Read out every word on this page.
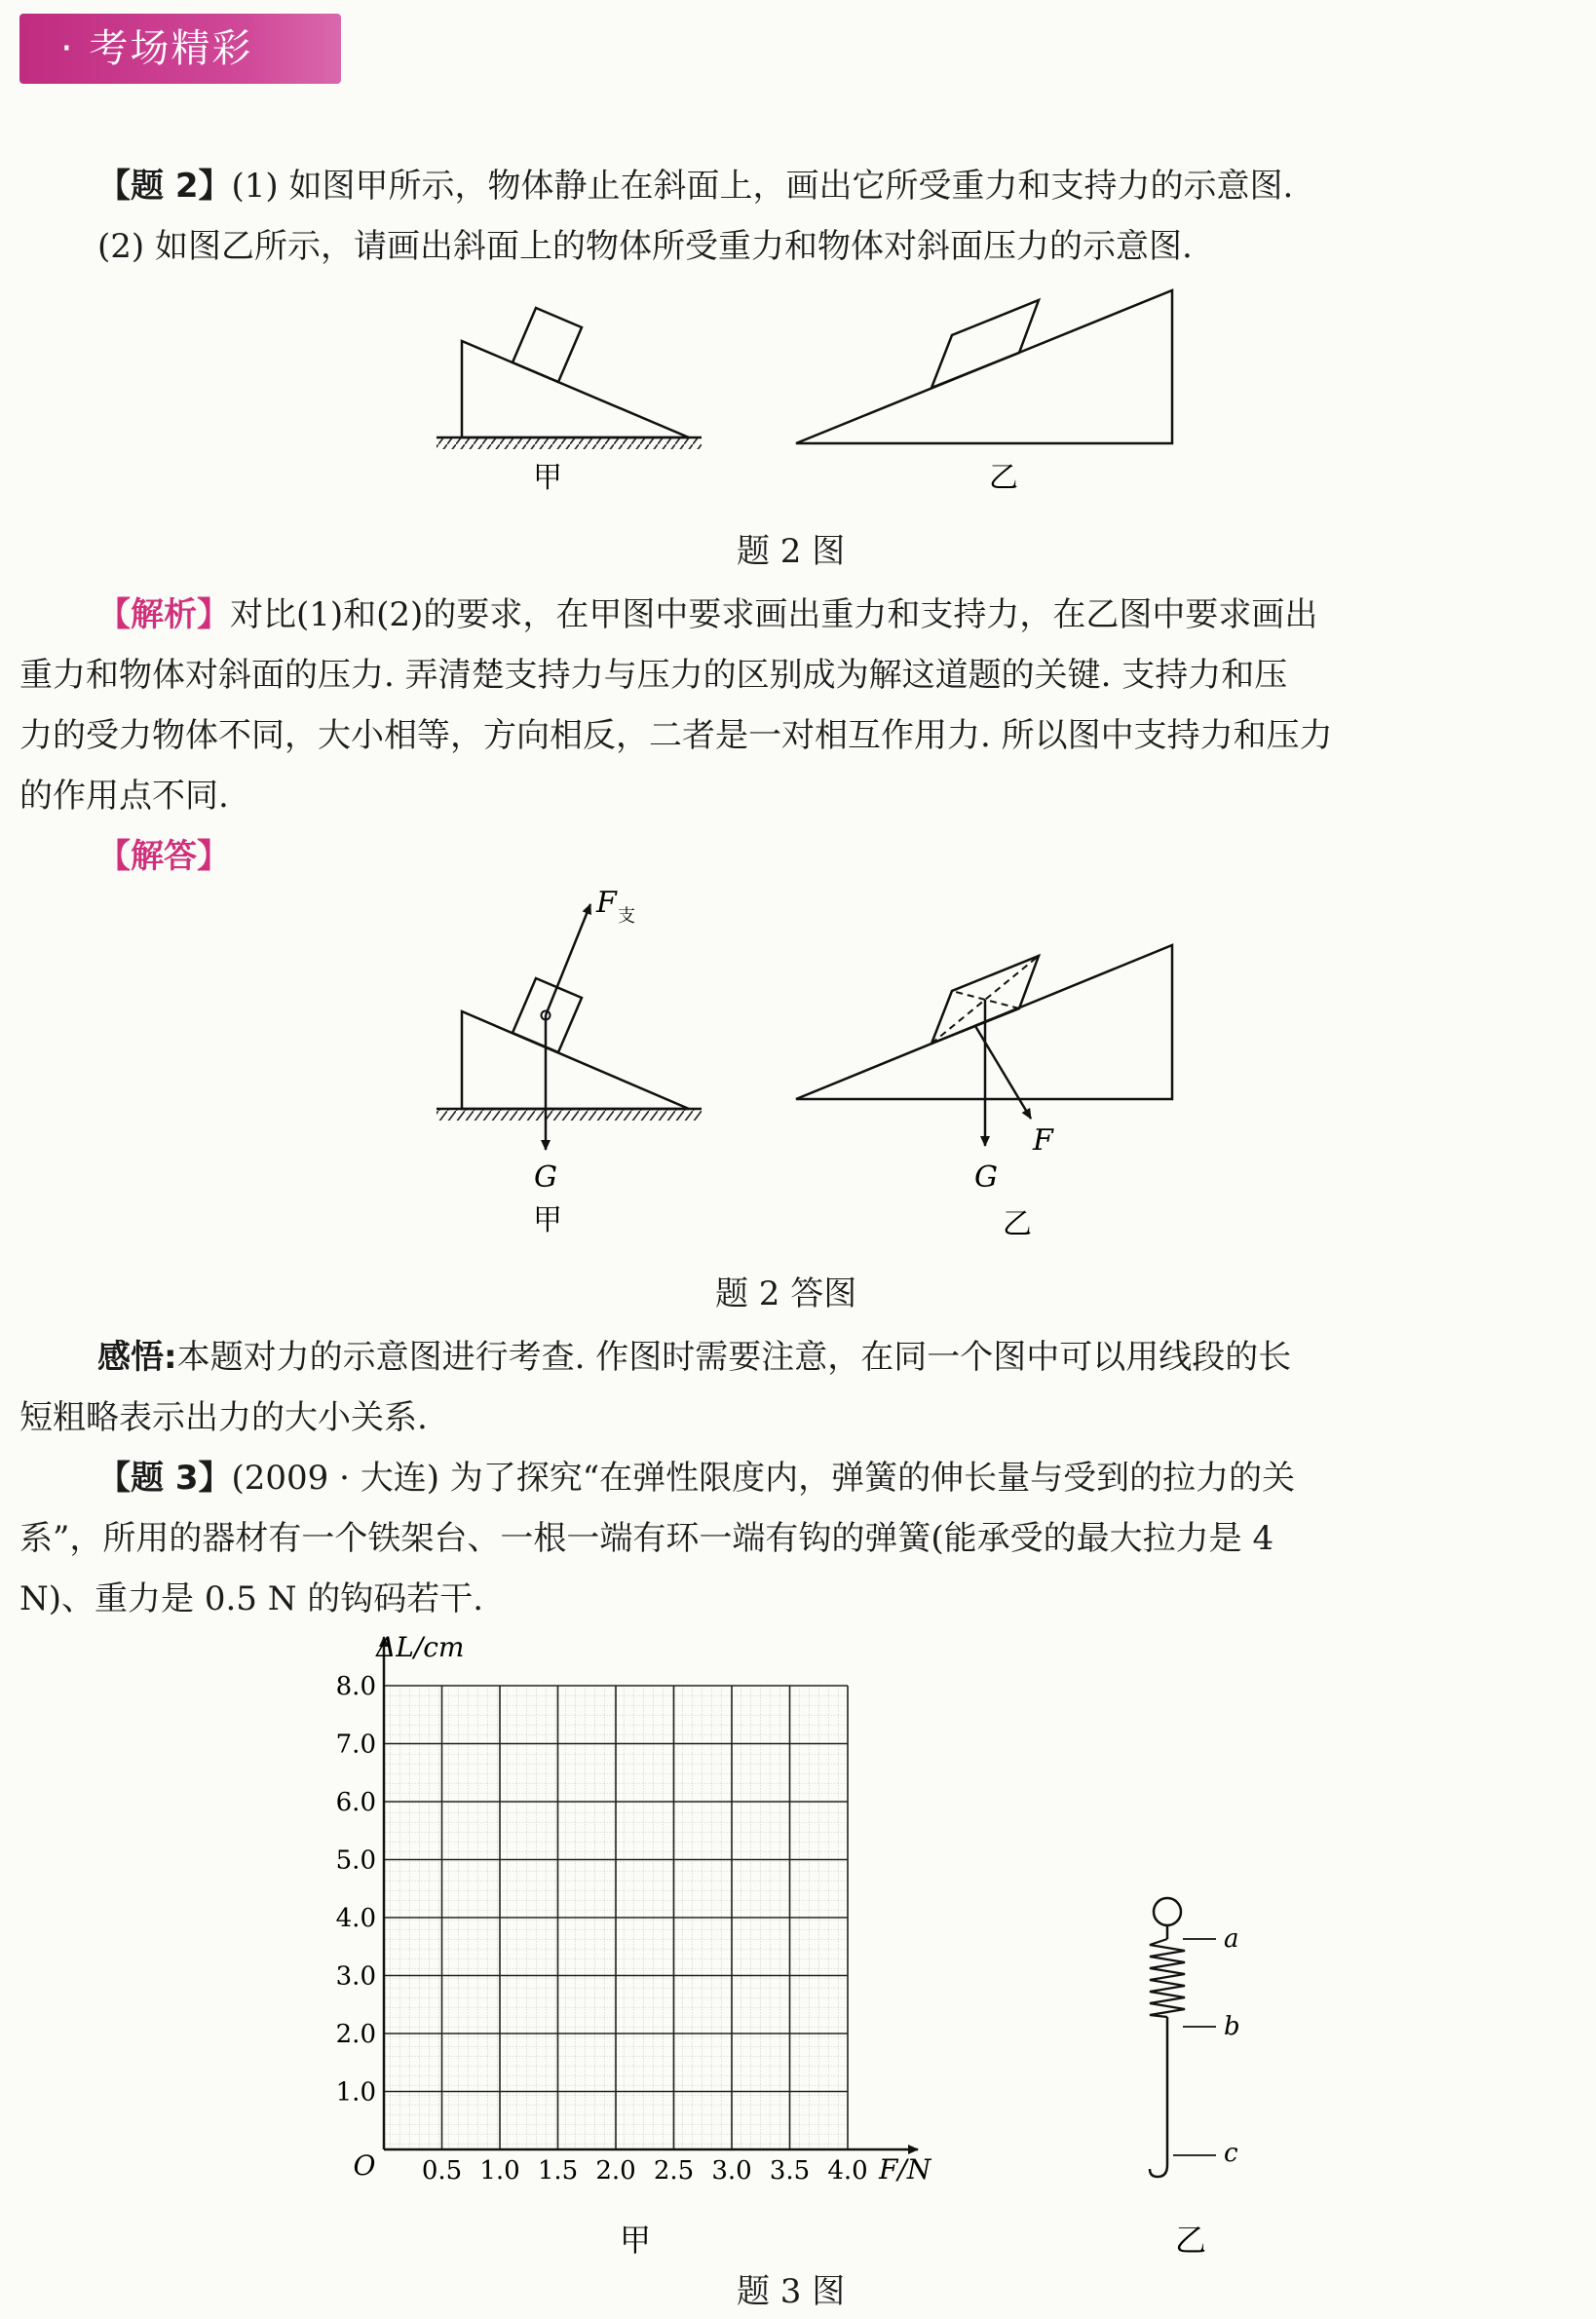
· 考场精彩
【题 2】(1) 如图甲所示，物体静止在斜面上，画出它所受重力和支持力的示意图.
(2) 如图乙所示，请画出斜面上的物体所受重力和物体对斜面压力的示意图.
甲	乙
F 支
G
甲
F
G
乙
a
b
c
乙
0.5 1.0 1.5 2.0 2.5 3.0 3.5 4.0
1.0
2.0
3.0
4.0
5.0
6.0
7.0
8.0
ΔL/cm
F/N
O
甲
题 2 图
【解析】对比(1)和(2)的要求，在甲图中要求画出重力和支持力，在乙图中要求画出
重力和物体对斜面的压力. 弄清楚支持力与压力的区别成为解这道题的关键. 支持力和压
力的受力物体不同，大小相等，方向相反，二者是一对相互作用力. 所以图中支持力和压力
的作用点不同.
【解答】
题 2 答图
感悟:本题对力的示意图进行考查. 作图时需要注意，在同一个图中可以用线段的长
短粗略表示出力的大小关系.
【题 3】(2009 · 大连) 为了探究“在弹性限度内，弹簧的伸长量与受到的拉力的关
系”，所用的器材有一个铁架台、一根一端有环一端有钩的弹簧(能承受的最大拉力是 4
N)、重力是 0.5 N 的钩码若干.
题 3 图
